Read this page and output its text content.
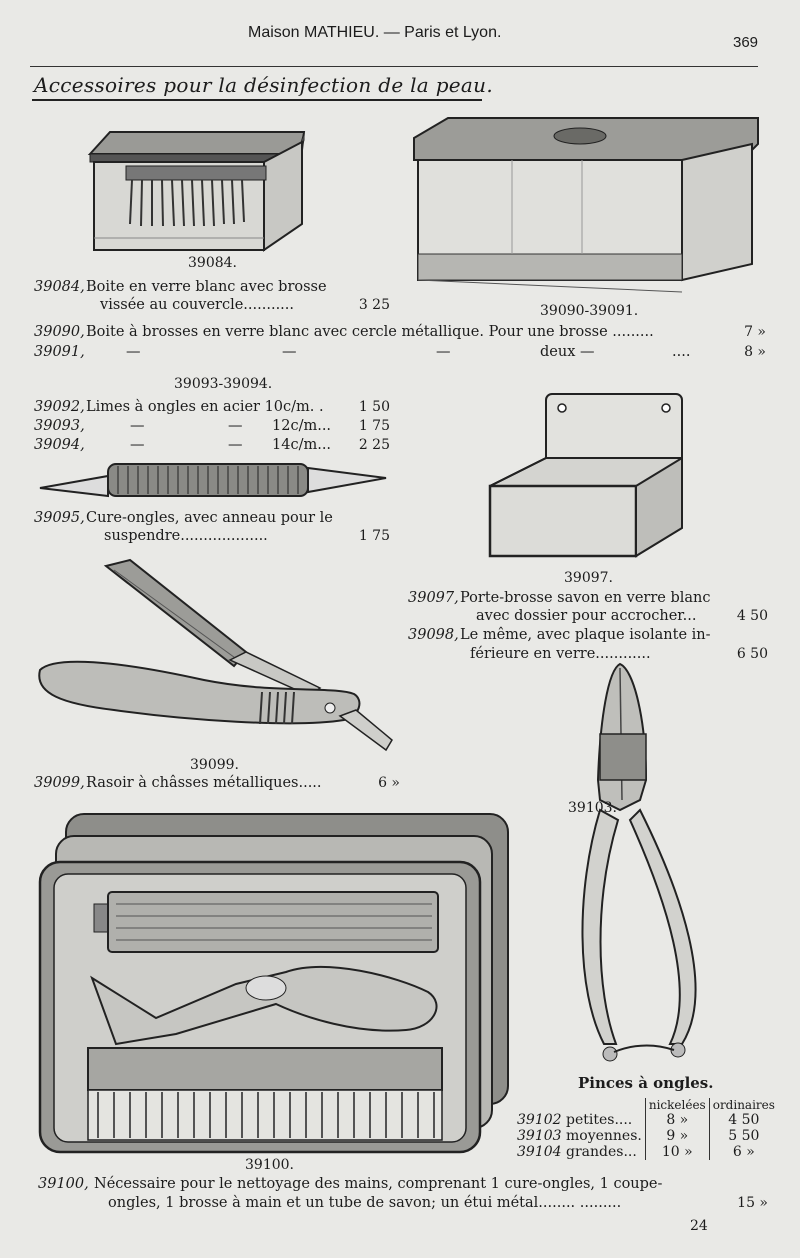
Maison MATHIEU. — Paris et Lyon.
369
Accessoires pour la désinfection de la peau.
39084.
39090-39091.
39084, Boite en verre blanc avec brosse
vissée au couvercle...........	3 25
39090, Boite à brosses en verre blanc avec cercle métallique. Pour une brosse .........	7 »
39091,	—	—	—	deux —	....	8 »
39093-39094.
39092, Limes à ongles en acier 10c/m. .	1 50
39093,	—	— 12c/m...	1 75
39094,	—	— 14c/m...	2 25
39095, Cure-ongles, avec anneau pour le
suspendre...................	1 75
39097.
39097, Porte-brosse savon en verre blanc
avec dossier pour accrocher...	4 50
39098, Le même, avec plaque isolante in-
férieure en verre............	6 50
39099.
39099, Rasoir à châsses métalliques.....	6 »
39103.
39100.
Pinces à ongles.
	nickelées	ordinaires
39102 petites....	8 »	4 50
39103 moyennes.	9 »	5 50
39104 grandes...	10 »	6 »
39100, Nécessaire pour le nettoyage des mains, comprenant 1 cure-ongles, 1 coupe-
ongles, 1 brosse à main et un tube de savon; un étui métal........ .........	15 »
24
